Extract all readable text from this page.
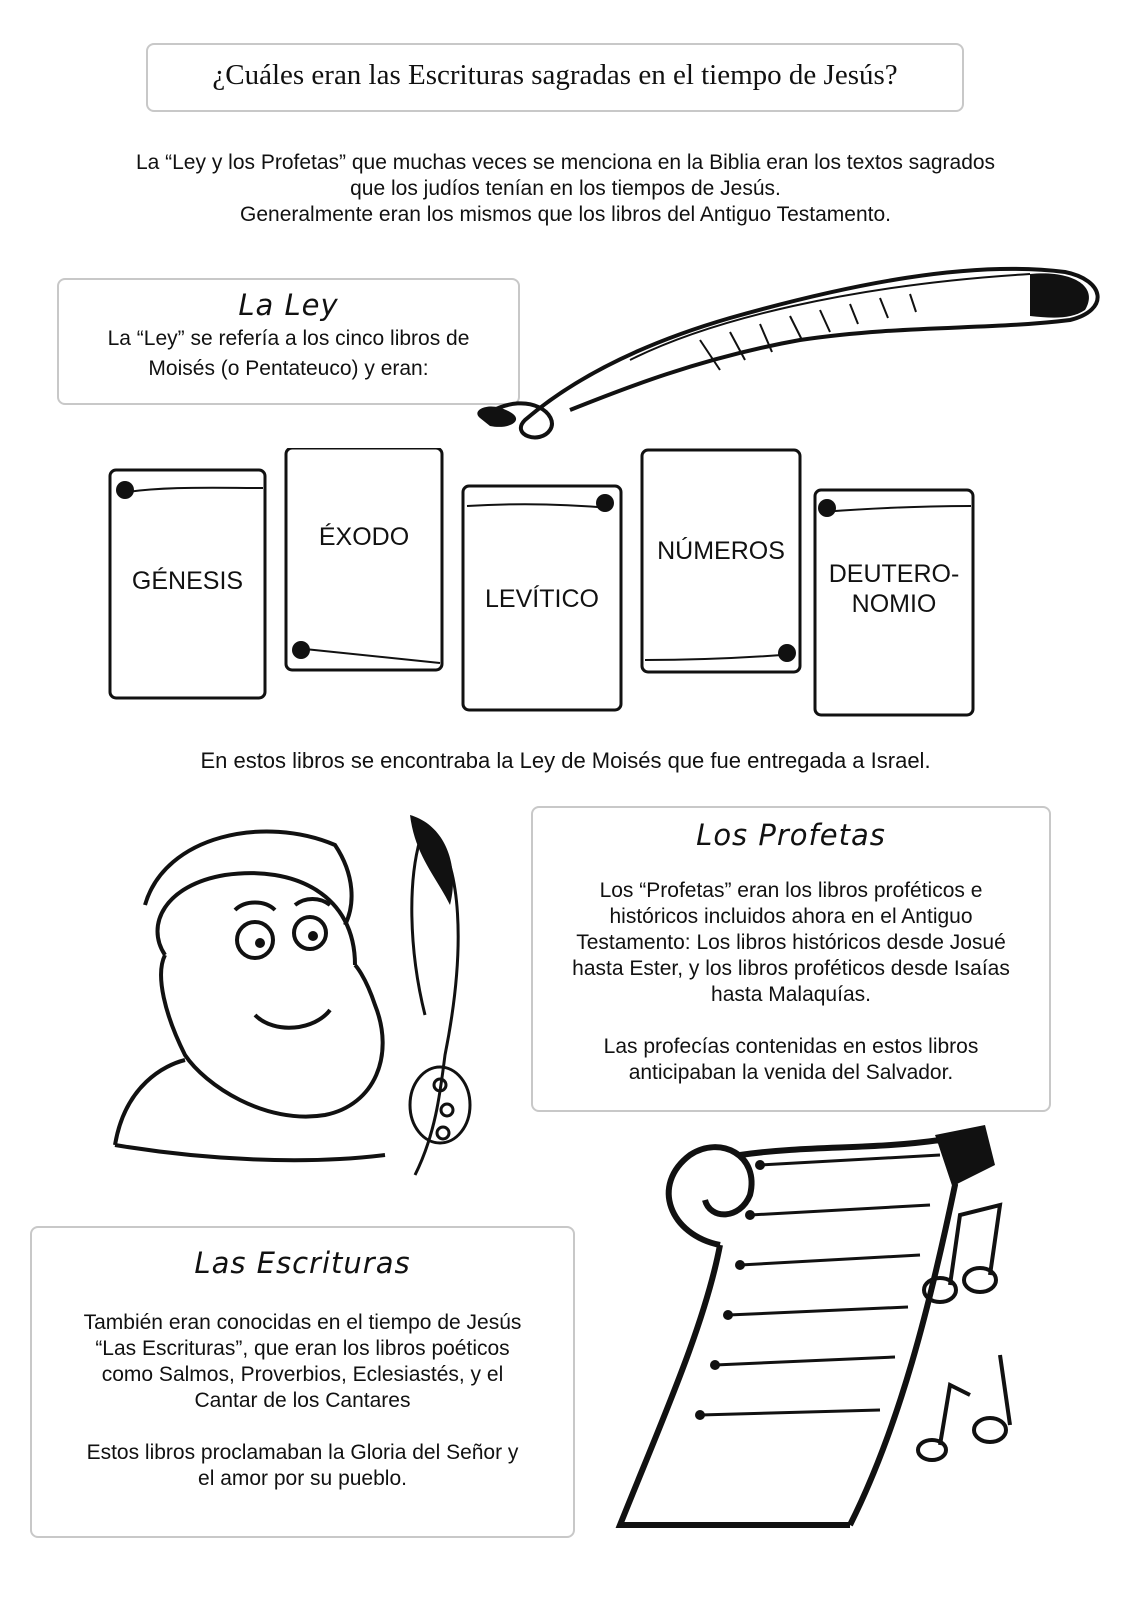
¿Cuáles eran las Escrituras sagradas en el tiempo de Jesús?
La “Ley y los Profetas” que muchas veces se menciona en la Biblia eran los textos sagrados
que los judíos tenían en los tiempos de Jesús.
Generalmente eran los mismos que los libros del Antiguo Testamento.
La Ley
La “Ley” se refería a los cinco libros de
Moisés (o Pentateuco) y eran:
GÉNESIS
ÉXODO
LEVÍTICO
NÚMEROS
DEUTERO-
NOMIO
En estos libros se encontraba la Ley de Moisés que fue entregada a Israel.
Los Profetas
Los “Profetas” eran los libros proféticos e
históricos incluidos ahora en el Antiguo
Testamento: Los libros históricos desde Josué
hasta Ester, y los libros proféticos desde Isaías
hasta Malaquías.
Las profecías contenidas en estos libros
anticipaban la venida del Salvador.
Las Escrituras
También eran conocidas en el tiempo de Jesús
“Las Escrituras”, que eran los libros poéticos
como Salmos, Proverbios, Eclesiastés, y el
Cantar de los Cantares
Estos libros proclamaban la Gloria del Señor y
el amor por su pueblo.
